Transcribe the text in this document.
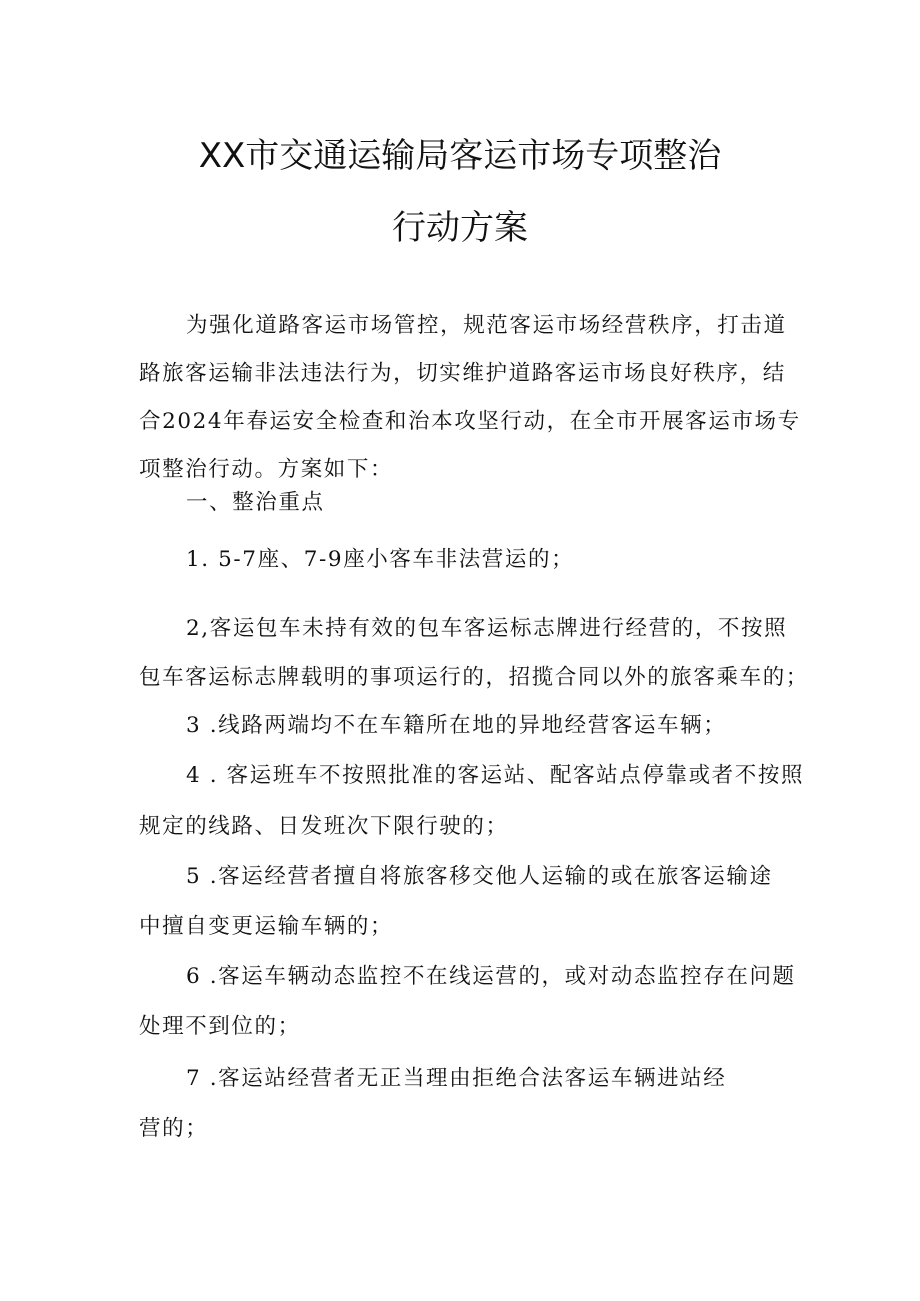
XX市交通运输局客运市场专项整治
行动方案
为强化道路客运市场管控，规范客运市场经营秩序，打击道
路旅客运输非法违法行为，切实维护道路客运市场良好秩序，结
合2024年春运安全检查和治本攻坚行动，在全市开展客运市场专
项整治行动。方案如下：
一、整治重点
1. 5-7座、7-9座小客车非法营运的；
2,客运包车未持有效的包车客运标志牌进行经营的，不按照
包车客运标志牌载明的事项运行的，招揽合同以外的旅客乘车的；
3 .线路两端均不在车籍所在地的异地经营客运车辆；
4 . 客运班车不按照批准的客运站、配客站点停靠或者不按照
规定的线路、日发班次下限行驶的；
5 .客运经营者擅自将旅客移交他人运输的或在旅客运输途
中擅自变更运输车辆的；
6 .客运车辆动态监控不在线运营的，或对动态监控存在问题
处理不到位的；
7 .客运站经营者无正当理由拒绝合法客运车辆进站经
营的；
